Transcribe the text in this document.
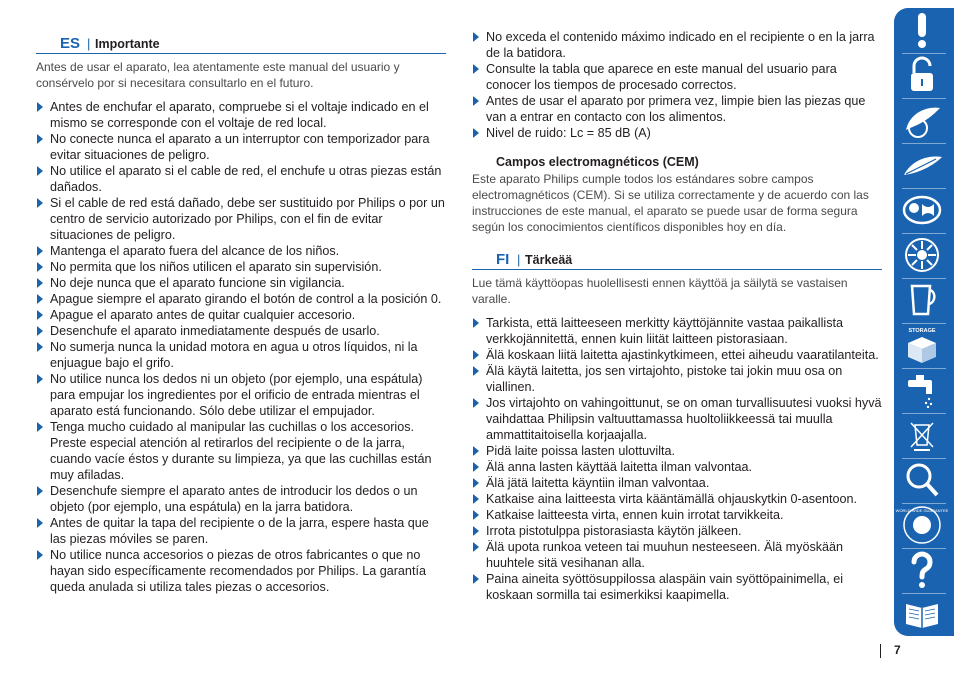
ES | Importante

Antes de usar el aparato, lea atentamente este manual del usuario y consérvelo por si necesitara consultarlo en el futuro.

Antes de enchufar el aparato, compruebe si el voltaje indicado en el mismo se corresponde con el voltaje de red local.
No conecte nunca el aparato a un interruptor con temporizador para evitar situaciones de peligro.
No utilice el aparato si el cable de red, el enchufe u otras piezas están dañados.
Si el cable de red está dañado, debe ser sustituido por Philips o por un centro de servicio autorizado por Philips, con el fin de evitar situaciones de peligro.
Mantenga el aparato fuera del alcance de los niños.
No permita que los niños utilicen el aparato sin supervisión.
No deje nunca que el aparato funcione sin vigilancia.
Apague siempre el aparato girando el botón de control a la posición 0.
Apague el aparato antes de quitar cualquier accesorio.
Desenchufe el aparato inmediatamente después de usarlo.
No sumerja nunca la unidad motora en agua u otros líquidos, ni la enjuague bajo el grifo.
No utilice nunca los dedos ni un objeto (por ejemplo, una espátula) para empujar los ingredientes por el orificio de entrada mientras el aparato está funcionando. Sólo debe utilizar el empujador.
Tenga mucho cuidado al manipular las cuchillas o los accesorios. Preste especial atención al retirarlos del recipiente o de la jarra, cuando vacíe éstos y durante su limpieza, ya que las cuchillas están muy afiladas.
Desenchufe siempre el aparato antes de introducir los dedos o un objeto (por ejemplo, una espátula) en la jarra batidora.
Antes de quitar la tapa del recipiente o de la jarra, espere hasta que las piezas móviles se paren.
No utilice nunca accesorios o piezas de otros fabricantes o que no hayan sido específicamente recomendados por Philips. La garantía queda anulada si utiliza tales piezas o accesorios.
No exceda el contenido máximo indicado en el recipiente o en la jarra de la batidora.
Consulte la tabla que aparece en este manual del usuario para conocer los tiempos de procesado correctos.
Antes de usar el aparato por primera vez, limpie bien las piezas que van a entrar en contacto con los alimentos.
Nivel de ruido: Lc = 85 dB (A)
Campos electromagnéticos (CEM)

Este aparato Philips cumple todos los estándares sobre campos electromagnéticos (CEM). Si se utiliza correctamente y de acuerdo con las instrucciones de este manual, el aparato se puede usar de forma segura según los conocimientos científicos disponibles hoy en día.

FI | Tärkeää

Lue tämä käyttöopas huolellisesti ennen käyttöä ja säilytä se vastaisen varalle.

Tarkista, että laitteeseen merkitty käyttöjännite vastaa paikallista verkkojännitettä, ennen kuin liität laitteen pistorasiaan.
Älä koskaan liitä laitetta ajastinkytkimeen, ettei aiheudu vaaratilanteita.
Älä käytä laitetta, jos sen virtajohto, pistoke tai jokin muu osa on viallinen.
Jos virtajohto on vahingoittunut, se on oman turvallisuutesi vuoksi hyvä vaihdattaa Philipsin valtuuttamassa huoltoliikkeessä tai muulla ammattitaitoisella korjaajalla.
Pidä laite poissa lasten ulottuvilta.
Älä anna lasten käyttää laitetta ilman valvontaa.
Älä jätä laitetta käyntiin ilman valvontaa.
Katkaise aina laitteesta virta kääntämällä ohjauskytkin 0-asentoon.
Katkaise laitteesta virta, ennen kuin irrotat tarvikkeita.
Irrota pistotulppa pistorasiasta käytön jälkeen.
Älä upota runkoa veteen tai muuhun nesteeseen. Älä myöskään huuhtele sitä vesihanan alla.
Paina aineita syöttösuppilossa alaspäin vain syöttöpainimella, ei koskaan sormilla tai esimerkiksi kaapimella.
STORAGE
WORLD-WIDE GUARANTEE
7
